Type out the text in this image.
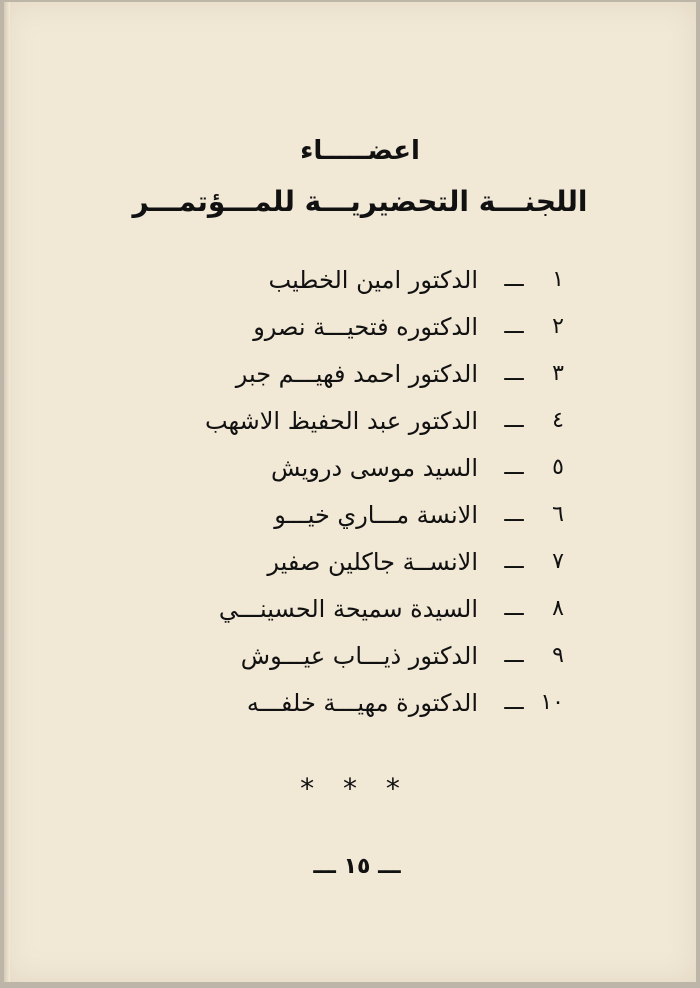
اعضـــــاء
اللجنـــة التحضيريـــة للمـــؤتمـــر
١
ـــ
الدكتور امين الخطيب
٢
ـــ
الدكتوره فتحيـــة نصرو
٣
ـــ
الدكتور احمد فهيـــم جبر
٤
ـــ
الدكتور عبد الحفيظ الاشهب
٥
ـــ
السيد موسى درويش
٦
ـــ
الانسة مـــاري خيـــو
٧
ـــ
الانســة جاكلين صفير
٨
ـــ
السيدة سميحة الحسينـــي
٩
ـــ
الدكتور ذيـــاب عيـــوش
١٠
ـــ
الدكتورة مهيـــة خلفـــه
* * *
ـــ ١٥ ـــ
